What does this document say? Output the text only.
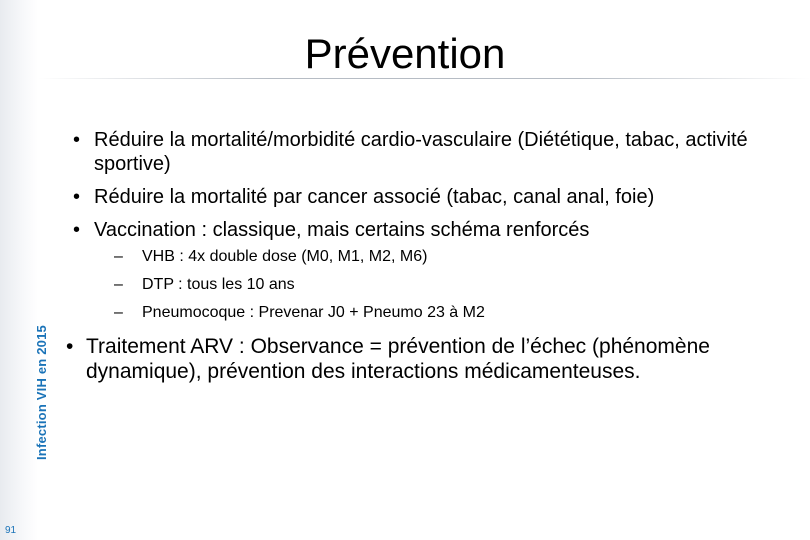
Infection VIH en 2015
91
Prévention
• Réduire la mortalité/morbidité cardio-vasculaire (Diététique, tabac, activité sportive)
• Réduire la mortalité par cancer associé (tabac, canal anal, foie)
• Vaccination : classique, mais certains schéma renforcés
– VHB : 4x double dose (M0, M1, M2, M6)
– DTP : tous les 10 ans
– Pneumocoque : Prevenar J0 + Pneumo 23 à M2
• Traitement ARV : Observance = prévention de l’échec (phénomène dynamique), prévention des interactions médicamenteuses.
